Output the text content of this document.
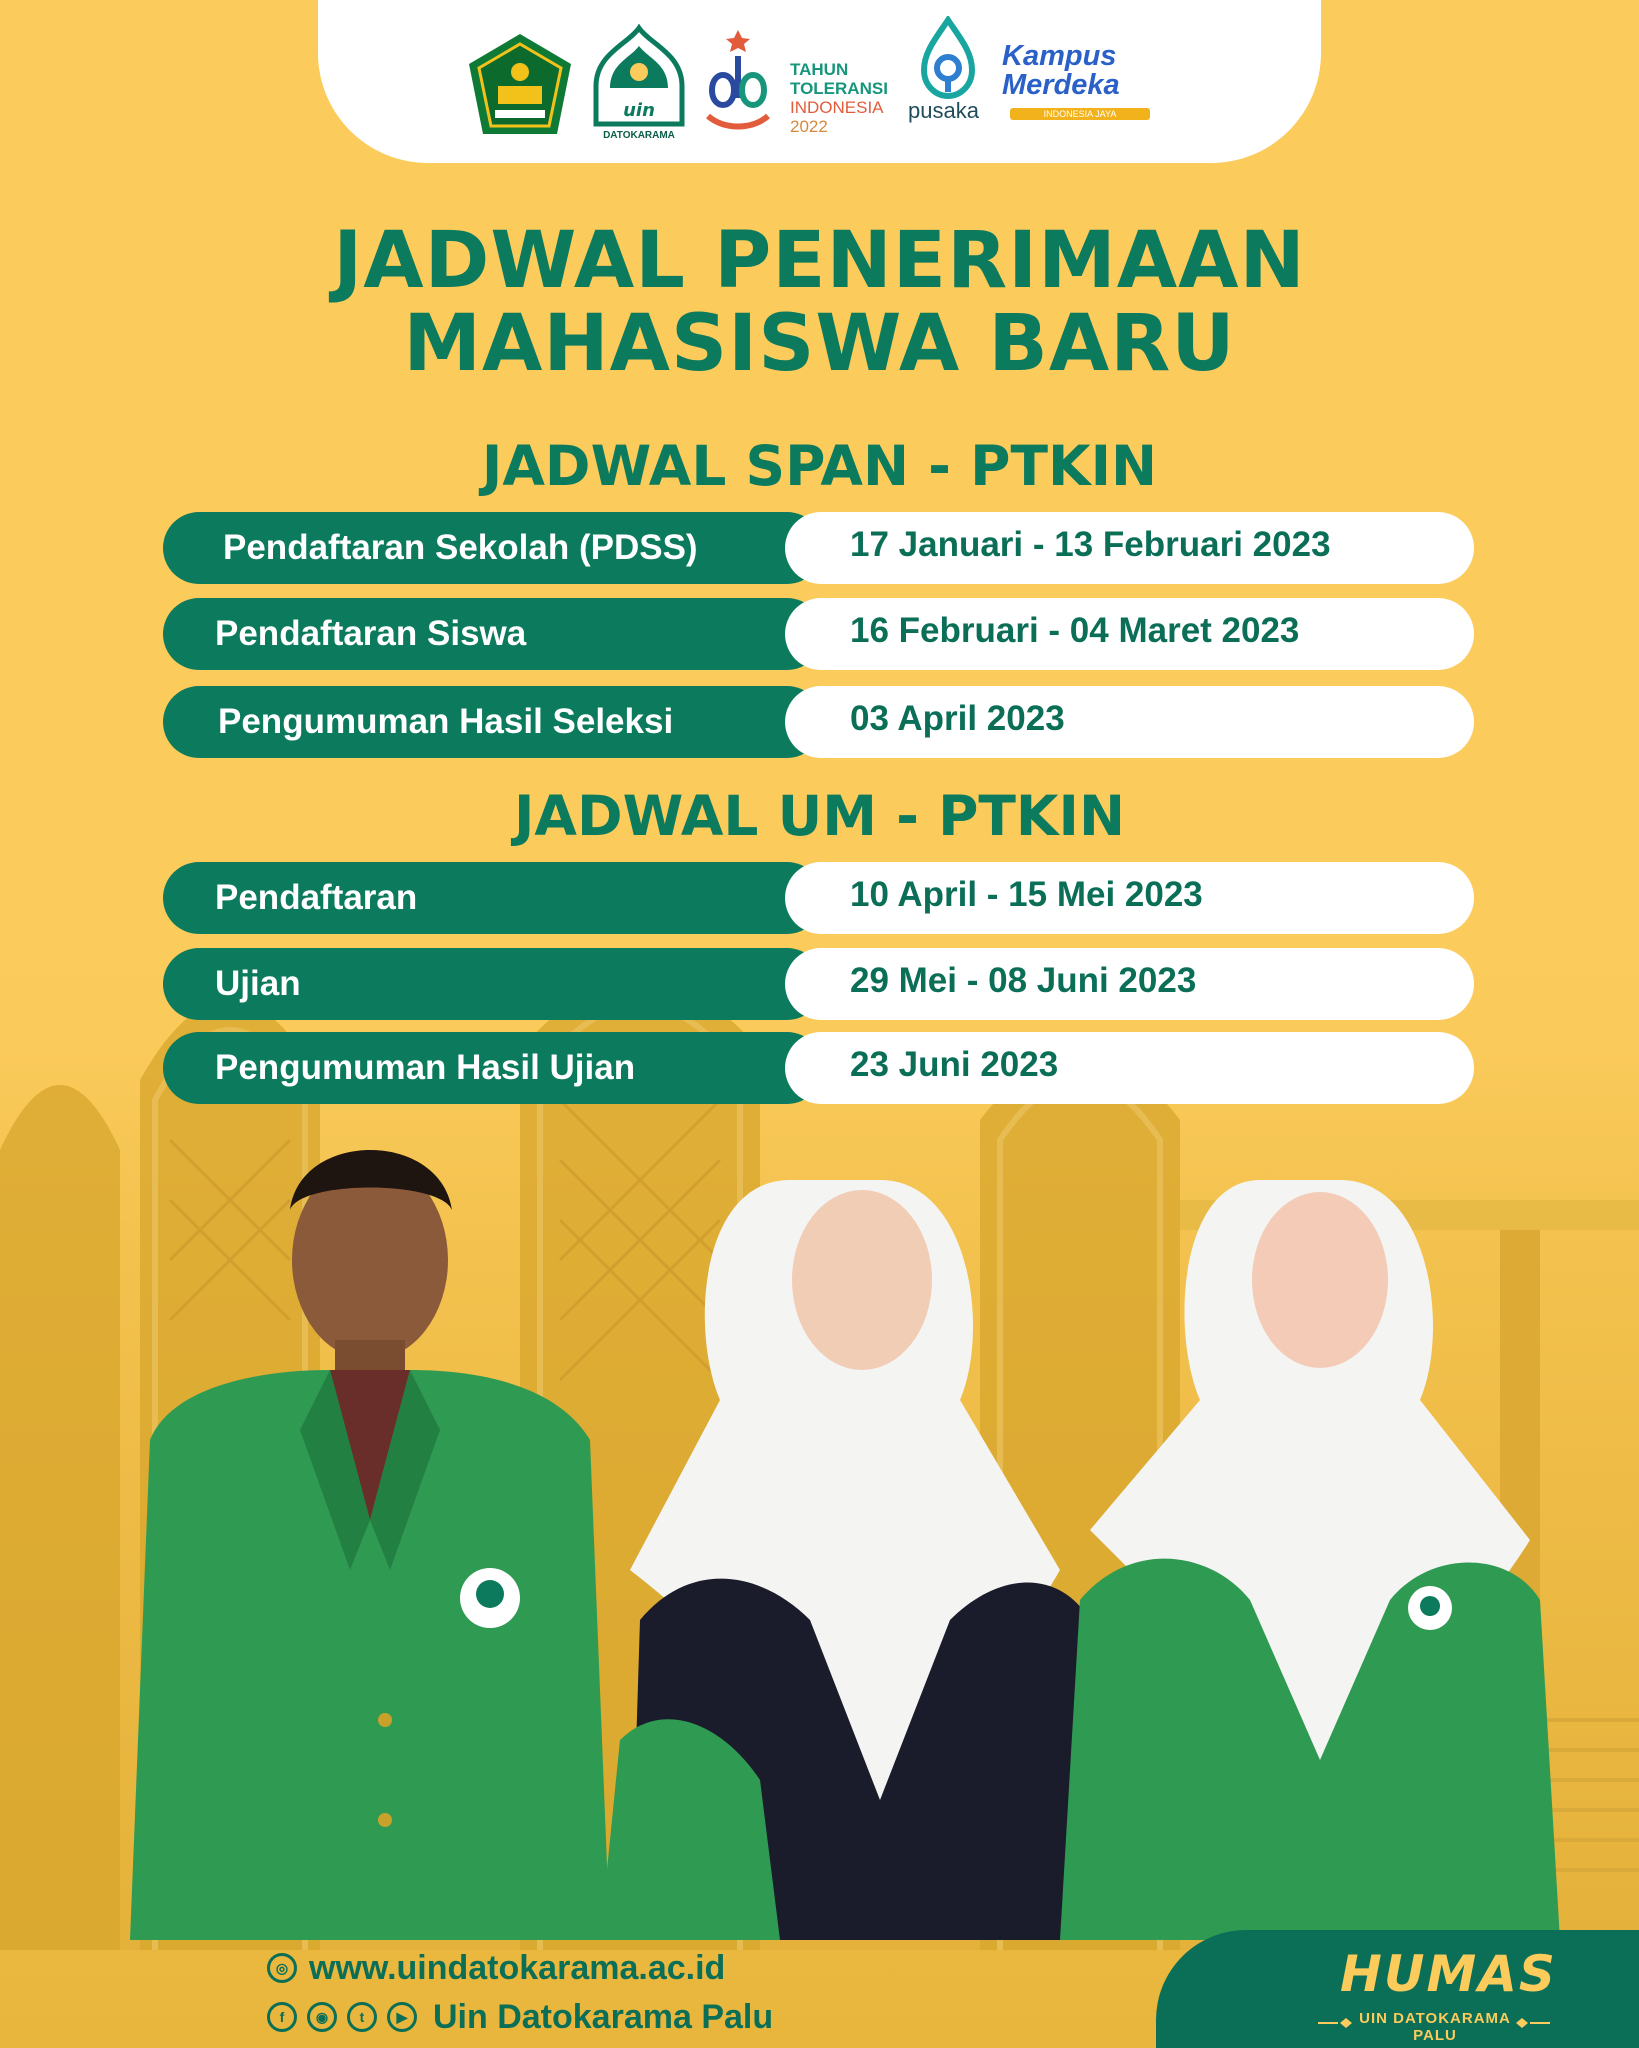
uin
DATOKARAMA
TAHUN
TOLERANSI
INDONESIA
2022
pusaka
Kampus
Merdeka
INDONESIA JAYA
JADWAL PENERIMAAN
MAHASISWA BARU
JADWAL SPAN - PTKIN
Pendaftaran Sekolah (PDSS)	17 Januari - 13 Februari 2023
Pendaftaran Siswa	16 Februari - 04 Maret 2023
Pengumuman Hasil Seleksi	03 April 2023
JADWAL UM - PTKIN
Pendaftaran	10 April - 15 Mei 2023
Ujian	29 Mei - 08 Juni 2023
Pengumuman Hasil Ujian	23 Juni 2023
◎ www.uindatokarama.ac.id
f	◉	t	▶ Uin Datokarama Palu
HUMAS
UIN DATOKARAMA PALU
